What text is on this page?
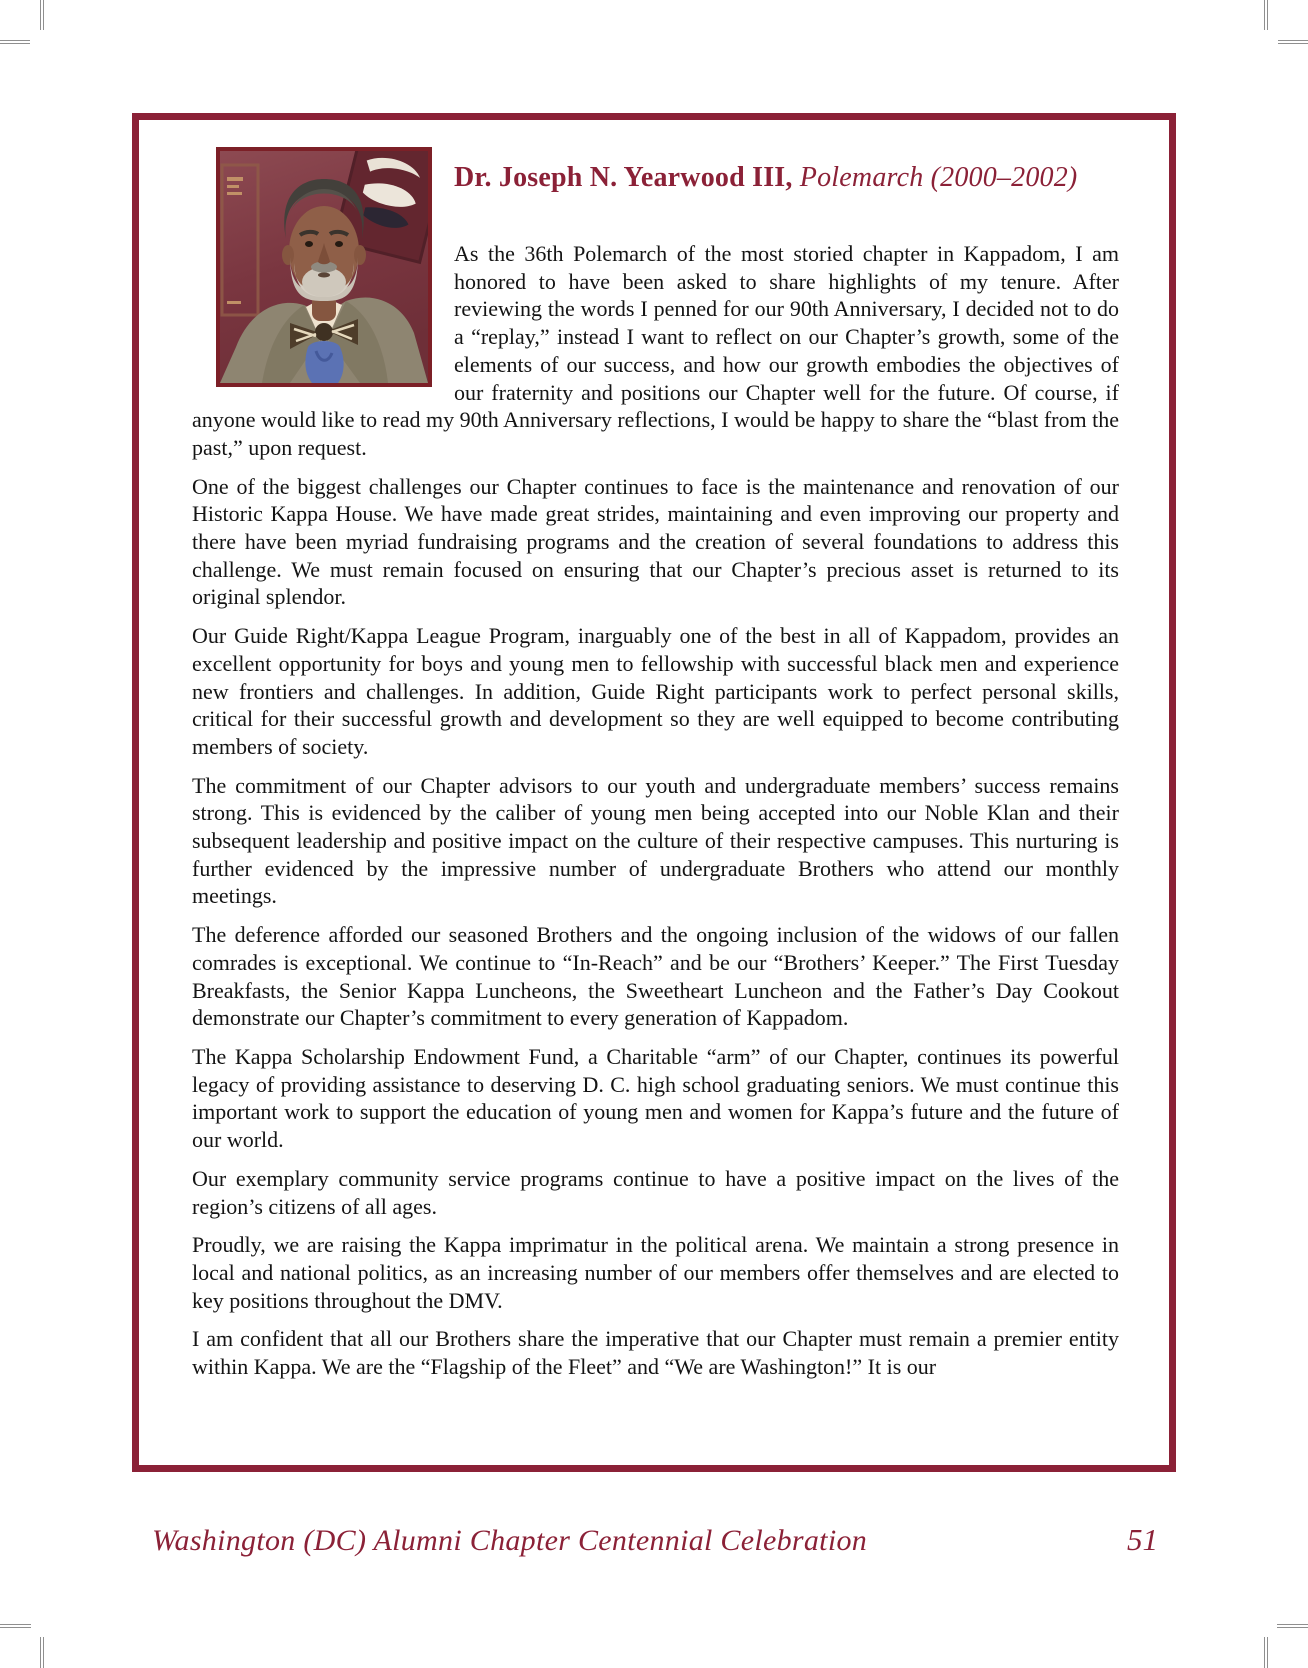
Dr. Joseph N. Yearwood III, Polemarch (2000–2002)

As the 36th Polemarch of the most storied chapter in Kappadom, I am honored to have been asked to share highlights of my tenure. After reviewing the words I penned for our 90th Anniversary, I decided not to do a “replay,” instead I want to reflect on our Chapter’s growth, some of the elements of our success, and how our growth embodies the objectives of our fraternity and positions our Chapter well for the future. Of course, if anyone would like to read my 90th Anniversary reflections, I would be happy to share the “blast from the past,” upon request.

One of the biggest challenges our Chapter continues to face is the maintenance and renovation of our Historic Kappa House. We have made great strides, maintaining and even improving our property and there have been myriad fundraising programs and the creation of several foundations to address this challenge. We must remain focused on ensuring that our Chapter’s precious asset is returned to its original splendor.

Our Guide Right/Kappa League Program, inarguably one of the best in all of Kappadom, provides an excellent opportunity for boys and young men to fellowship with successful black men and experience new frontiers and challenges. In addition, Guide Right participants work to perfect personal skills, critical for their successful growth and development so they are well equipped to become contributing members of society.

The commitment of our Chapter advisors to our youth and undergraduate members’ success remains strong. This is evidenced by the caliber of young men being accepted into our Noble Klan and their subsequent leadership and positive impact on the culture of their respective campuses. This nurturing is further evidenced by the impressive number of undergraduate Brothers who attend our monthly meetings.

The deference afforded our seasoned Brothers and the ongoing inclusion of the widows of our fallen comrades is exceptional. We continue to “In-Reach” and be our “Brothers’ Keeper.” The First Tuesday Breakfasts, the Senior Kappa Luncheons, the Sweetheart Luncheon and the Father’s Day Cookout demonstrate our Chapter’s commitment to every generation of Kappadom.

The Kappa Scholarship Endowment Fund, a Charitable “arm” of our Chapter, continues its powerful legacy of providing assistance to deserving D. C. high school graduating seniors. We must continue this important work to support the education of young men and women for Kappa’s future and the future of our world.

Our exemplary community service programs continue to have a positive impact on the lives of the region’s citizens of all ages.

Proudly, we are raising the Kappa imprimatur in the political arena. We maintain a strong presence in local and national politics, as an increasing number of our members offer themselves and are elected to key positions throughout the DMV.

I am confident that all our Brothers share the imperative that our Chapter must remain a premier entity within Kappa. We are the “Flagship of the Fleet” and “We are Washington!” It is our

Washington (DC) Alumni Chapter Centennial Celebration	51
